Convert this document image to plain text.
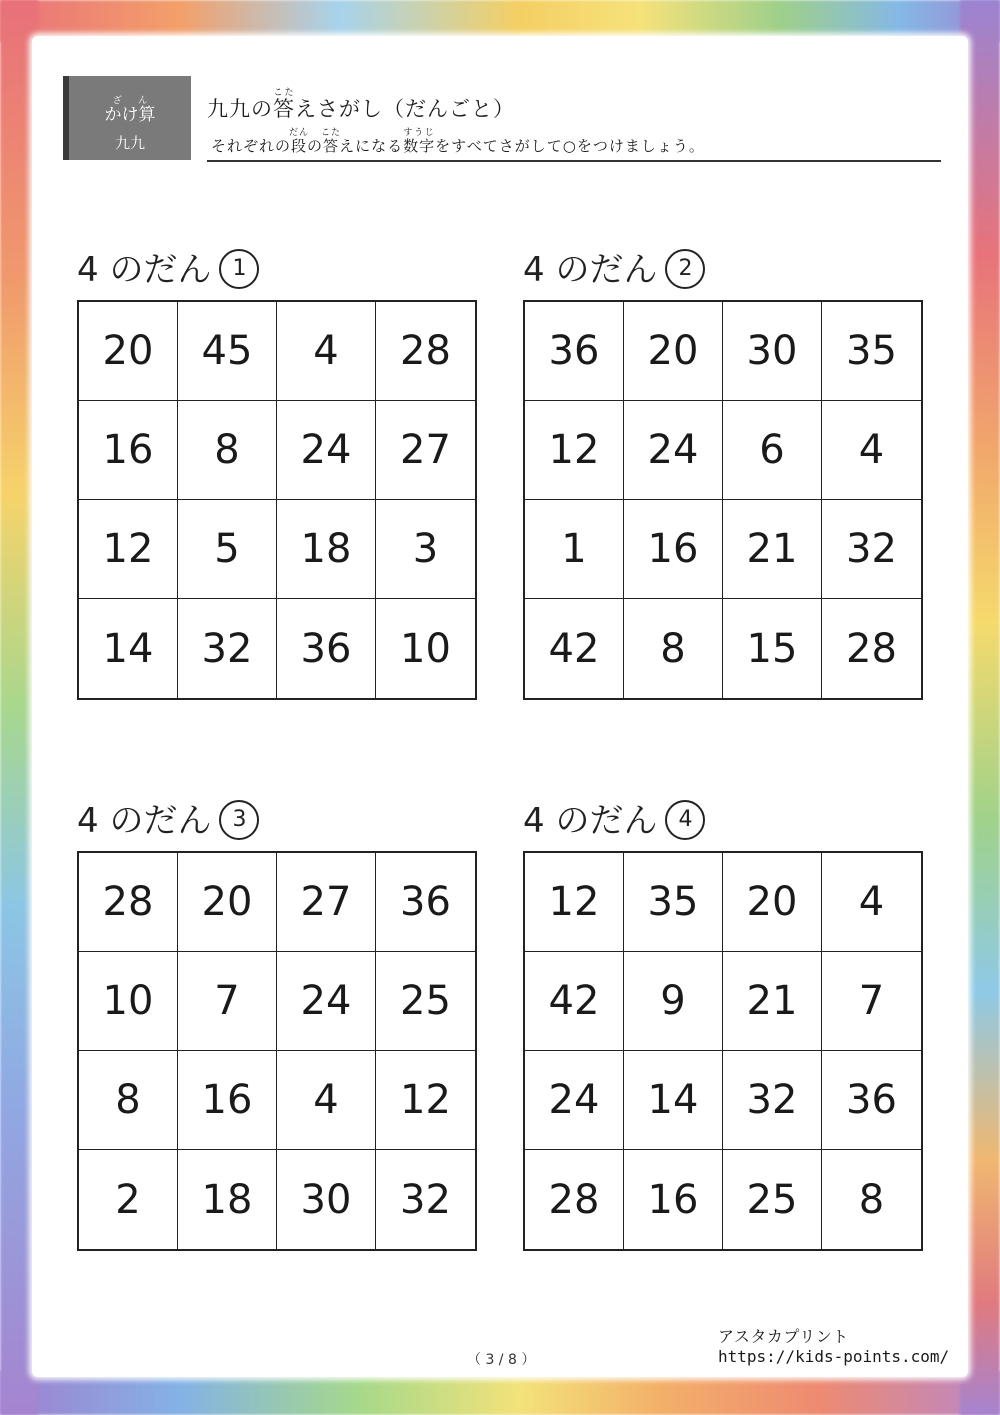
かけ算ざん
九九
九九の答こたえさがし（だんごと）
それぞれの段だんの答こたえになる数字すうじをすべてさがして○をつけましょう。
4 のだん 1
20	45	4	28
16	8	24	27
12	5	18	3
14	32	36	10
4 のだん 2
36	20	30	35
12	24	6	4
1	16	21	32
42	8	15	28
4 のだん 3
28	20	27	36
10	7	24	25
8	16	4	12
2	18	30	32
4 のだん 4
12	35	20	4
42	9	21	7
24	14	32	36
28	16	25	8
（ 3 / 8 ）
アスタカプリント
https://kids-points.com/
